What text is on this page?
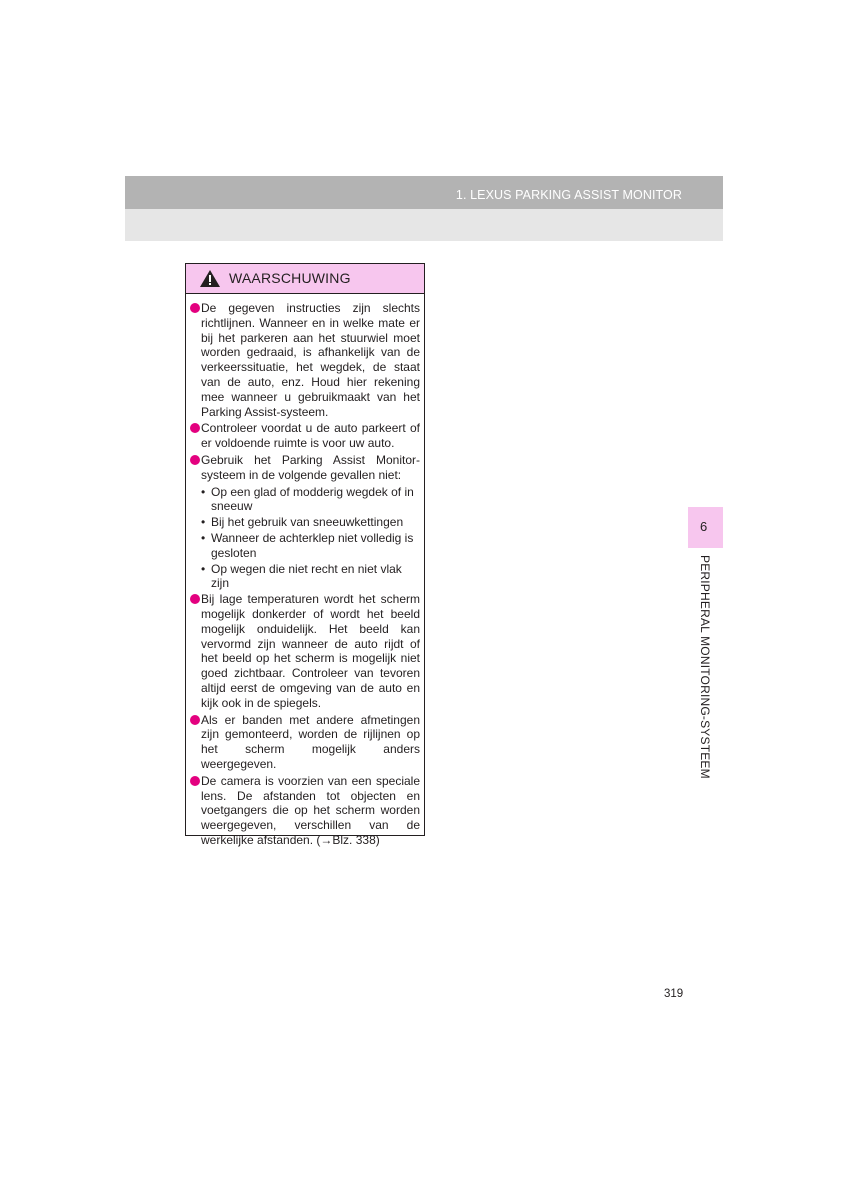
1. LEXUS PARKING ASSIST MONITOR
WAARSCHUWING
De gegeven instructies zijn slechts richtlijnen. Wanneer en in welke mate er bij het parkeren aan het stuurwiel moet worden gedraaid, is afhankelijk van de verkeerssituatie, het wegdek, de staat van de auto, enz. Houd hier rekening mee wanneer u gebruikmaakt van het Parking Assist-systeem.
Controleer voordat u de auto parkeert of er voldoende ruimte is voor uw auto.
Gebruik het Parking Assist Monitor-systeem in de volgende gevallen niet:
• Op een glad of modderig wegdek of in sneeuw
• Bij het gebruik van sneeuwkettingen
• Wanneer de achterklep niet volledig is gesloten
• Op wegen die niet recht en niet vlak zijn
Bij lage temperaturen wordt het scherm mogelijk donkerder of wordt het beeld mogelijk onduidelijk. Het beeld kan vervormd zijn wanneer de auto rijdt of het beeld op het scherm is mogelijk niet goed zichtbaar. Controleer van tevoren altijd eerst de omgeving van de auto en kijk ook in de spiegels.
Als er banden met andere afmetingen zijn gemonteerd, worden de rijlijnen op het scherm mogelijk anders weergegeven.
De camera is voorzien van een speciale lens. De afstanden tot objecten en voetgangers die op het scherm worden weergegeven, verschillen van de werkelijke afstanden. (→Blz. 338)
6
PERIPHERAL MONITORING-SYSTEEM
319
